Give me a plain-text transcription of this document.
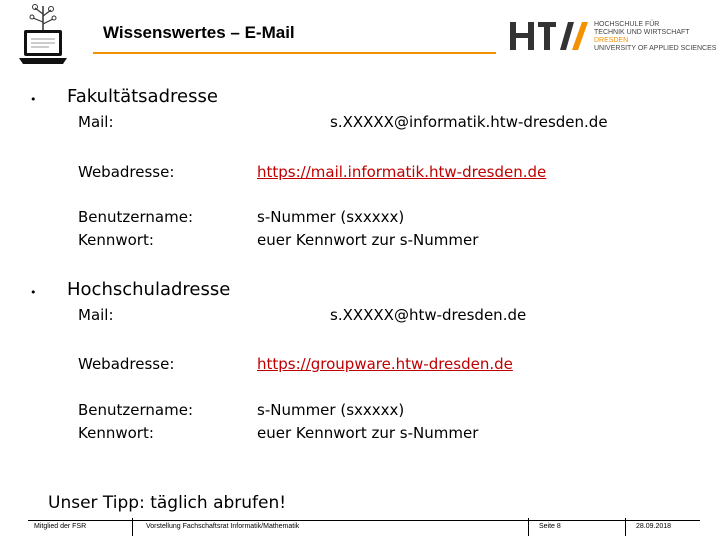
Wissenswertes – E-Mail	HOCHSCHULE FÜR
TECHNIK UND WIRTSCHAFT
DRESDEN
UNIVERSITY OF APPLIED SCIENCES
• Fakultätsadresse
Mail:	s.XXXXX@informatik.htw-dresden.de
Webadresse:	https://mail.informatik.htw-dresden.de
Benutzername:	s-Nummer (sxxxxx)
Kennwort:	euer Kennwort zur s-Nummer
• Hochschuladresse
Mail:	s.XXXXX@htw-dresden.de
Webadresse:	https://groupware.htw-dresden.de
Benutzername:	s-Nummer (sxxxxx)
Kennwort:	euer Kennwort zur s-Nummer
Unser Tipp: täglich abrufen!
Mitglied der FSR	Vorstellung Fachschaftsrat Informatik/Mathematik	Seite 8	28.09.2018
